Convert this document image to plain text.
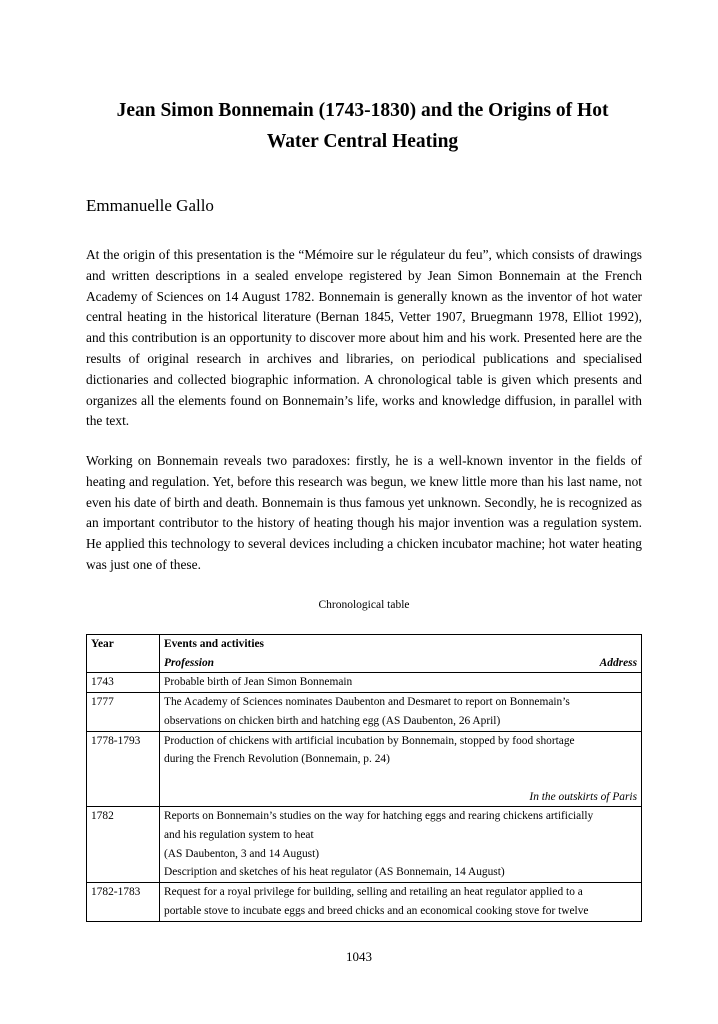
Jean Simon Bonnemain (1743-1830) and the Origins of Hot
Water Central Heating
Emmanuelle Gallo

At the origin of this presentation is the “Mémoire sur le régulateur du feu”, which consists of drawings and written descriptions in a sealed envelope registered by Jean Simon Bonnemain at the French Academy of Sciences on 14 August 1782. Bonnemain is generally known as the inventor of hot water central heating in the historical literature (Bernan 1845, Vetter 1907, Bruegmann 1978, Elliot 1992), and this contribution is an opportunity to discover more about him and his work. Presented here are the results of original research in archives and libraries, on periodical publications and specialised dictionaries and collected biographic information. A chronological table is given which presents and organizes all the elements found on Bonnemain’s life, works and knowledge diffusion, in parallel with the text.

Working on Bonnemain reveals two paradoxes: firstly, he is a well-known inventor in the fields of heating and regulation. Yet, before this research was begun, we knew little more than his last name, not even his date of birth and death. Bonnemain is thus famous yet unknown. Secondly, he is recognized as an important contributor to the history of heating though his major invention was a regulation system. He applied this technology to several devices including a chicken incubator machine; hot water heating was just one of these.

Chronological table
Year	Events and activities
Profession Address

1743	Probable birth of Jean Simon Bonnemain

1777	The Academy of Sciences nominates Daubenton and Desmaret to report on Bonnemain’s
observations on chicken birth and hatching egg (AS Daubenton, 26 April)

1778-1793	Production of chickens with artificial incubation by Bonnemain, stopped by food shortage
during the French Revolution (Bonnemain, p. 24)
In the outskirts of Paris

1782	Reports on Bonnemain’s studies on the way for hatching eggs and rearing chickens artificially
and his regulation system to heat
(AS Daubenton, 3 and 14 August)
Description and sketches of his heat regulator (AS Bonnemain, 14 August)

1782-1783	Request for a royal privilege for building, selling and retailing an heat regulator applied to a
portable stove to incubate eggs and breed chicks and an economical cooking stove for twelve
1043
